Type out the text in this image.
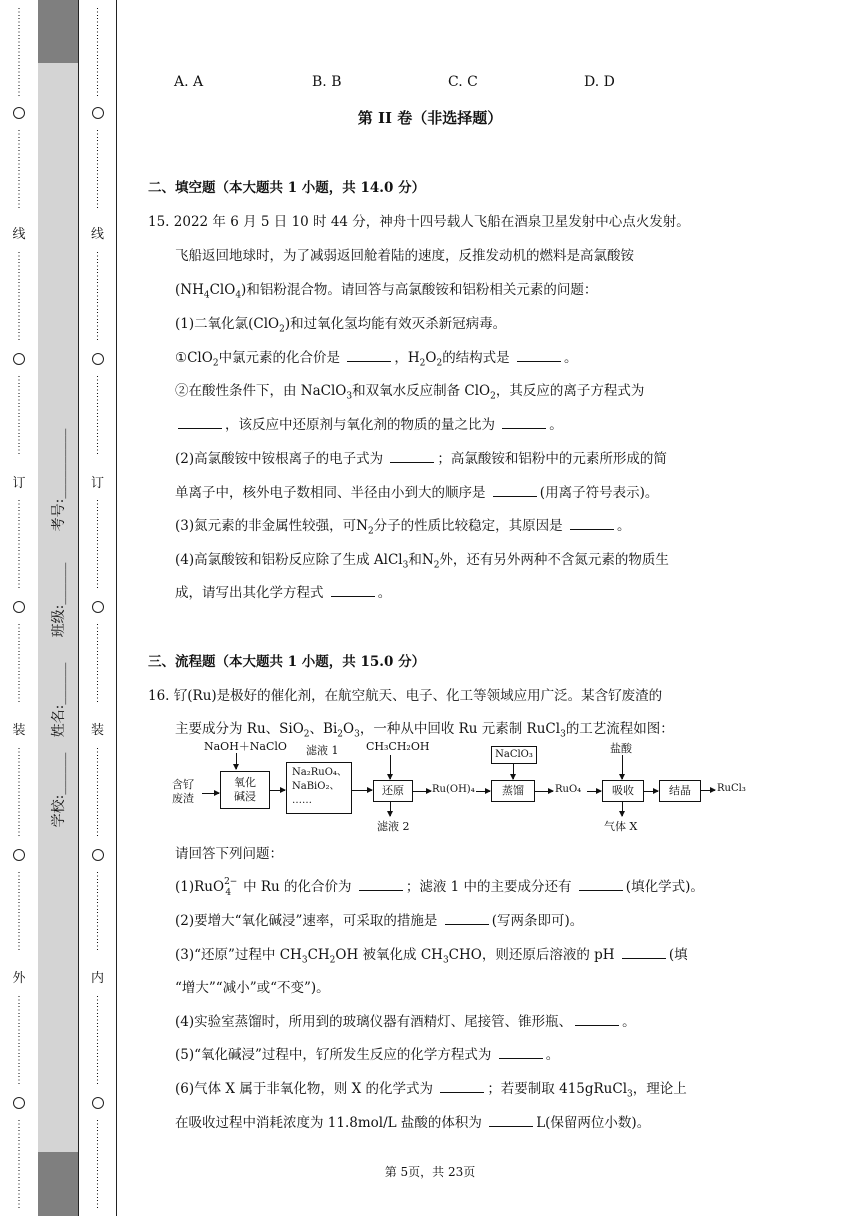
⋮
⋮
⋮
⋮
⋮
⋮
⋮
⋮
⋮
⋮
⋮
⋮
⋮
⋮
⋮
⋮
⋮
线
⋮
⋮
⋮
⋮
⋮
⋮
⋮
⋮
⋮
⋮
⋮
⋮
⋮
⋮
⋮
⋮
⋮
订
⋮
⋮
⋮
⋮
⋮
⋮
⋮
⋮
⋮
⋮
⋮
⋮
⋮
⋮
⋮
⋮
⋮
装
⋮
⋮
⋮
⋮
⋮
⋮
⋮
⋮
⋮
⋮
⋮
⋮
⋮
⋮
⋮
⋮
⋮
外
⋮
⋮
⋮
⋮
⋮
⋮
⋮
⋮
⋮
⋮
⋮
⋮
⋮
⋮
⋮
⋮
⋮
⋮
学校:______
姓名:______
班级:______
考号:__________
⋮
⋮
⋮
⋮
⋮
⋮
⋮
⋮
⋮
⋮
⋮
⋮
⋮
⋮
⋮
⋮
⋮
线
⋮
⋮
⋮
⋮
⋮
⋮
⋮
⋮
⋮
⋮
⋮
⋮
⋮
⋮
⋮
⋮
⋮
订
⋮
⋮
⋮
⋮
⋮
⋮
⋮
⋮
⋮
⋮
⋮
⋮
⋮
⋮
⋮
⋮
⋮
装
⋮
⋮
⋮
⋮
⋮
⋮
⋮
⋮
⋮
⋮
⋮
⋮
⋮
⋮
⋮
⋮
⋮
内
⋮
⋮
⋮
⋮
⋮
⋮
⋮
⋮
⋮
⋮
⋮
⋮
⋮
⋮
⋮
⋮
⋮
⋮
A. A	B. B	C. C	D. D
第 II 卷（非选择题）
二、填空题（本大题共 1 小题，共 14.0 分）
15. 2022 年 6 月 5 日 10 时 44 分，神舟十四号载人飞船在酒泉卫星发射中心点火发射。
飞船返回地球时，为了减弱返回舱着陆的速度，反推发动机的燃料是高氯酸铵
$(NH_4ClO_4)$和铝粉混合物。请回答与高氯酸铵和铝粉相关元素的问题：
(1)二氧化氯(ClO$_2$)和过氧化氢均能有效灭杀新冠病毒。
①ClO$_2$中氯元素的化合价是	，$H_2O_2$的结构式是	。
②在酸性条件下，由 NaClO$_3$和双氧水反应制备 ClO$_2$，其反应的离子方程式为
，该反应中还原剂与氧化剂的物质的量之比为	。
(2)高氯酸铵中铵根离子的电子式为	；高氯酸铵和铝粉中的元素所形成的简
单离子中，核外电子数相同、半径由小到大的顺序是	(用离子符号表示)。
(3)氮元素的非金属性较强，可$N_2$分子的性质比较稳定，其原因是	。
(4)高氯酸铵和铝粉反应除了生成 AlCl$_3$和$N_2$外，还有另外两种不含氮元素的物质生
成，请写出其化学方程式	。
三、流程题（本大题共 1 小题，共 15.0 分）
16. 钌(Ru)是极好的催化剂，在航空航天、电子、化工等领域应用广泛。某含钌废渣的
主要成分为 Ru、SiO$_2$、$Bi_2O_3$，一种从中回收 Ru 元素制 RuCl$_3$的工艺流程如图：
NaOH＋NaClO
含钌
废渣
氧化
碱浸
滤液 1
Na₂RuO₄、
NaBiO₂、
……
CH₃CH₂OH
还原
滤液 2
Ru(OH)₄
NaClO₃
蒸馏	RuO₄
盐酸
吸收
气体 X
结晶	RuCl₃
请回答下列问题：
(1)RuO$_{2-4}$ 中 Ru 的化合价为	；滤液 1 中的主要成分还有	(填化学式)。
(2)要增大“氧化碱浸”速率，可采取的措施是	(写两条即可)。
(3)“还原”过程中 $CH_3CH_2OH$ 被氧化成 $CH_3CHO$，则还原后溶液的 pH	(填
“增大”“减小”或“不变”)。
(4)实验室蒸馏时，所用到的玻璃仪器有酒精灯、尾接管、锥形瓶、	。
(5)“氧化碱浸”过程中，钌所发生反应的化学方程式为	。
(6)气体 X 属于非氧化物，则 X 的化学式为	；若要制取 415gRuCl$_3$，理论上
在吸收过程中消耗浓度为 11.8mol/L 盐酸的体积为	L(保留两位小数)。
第 5页，共 23页
